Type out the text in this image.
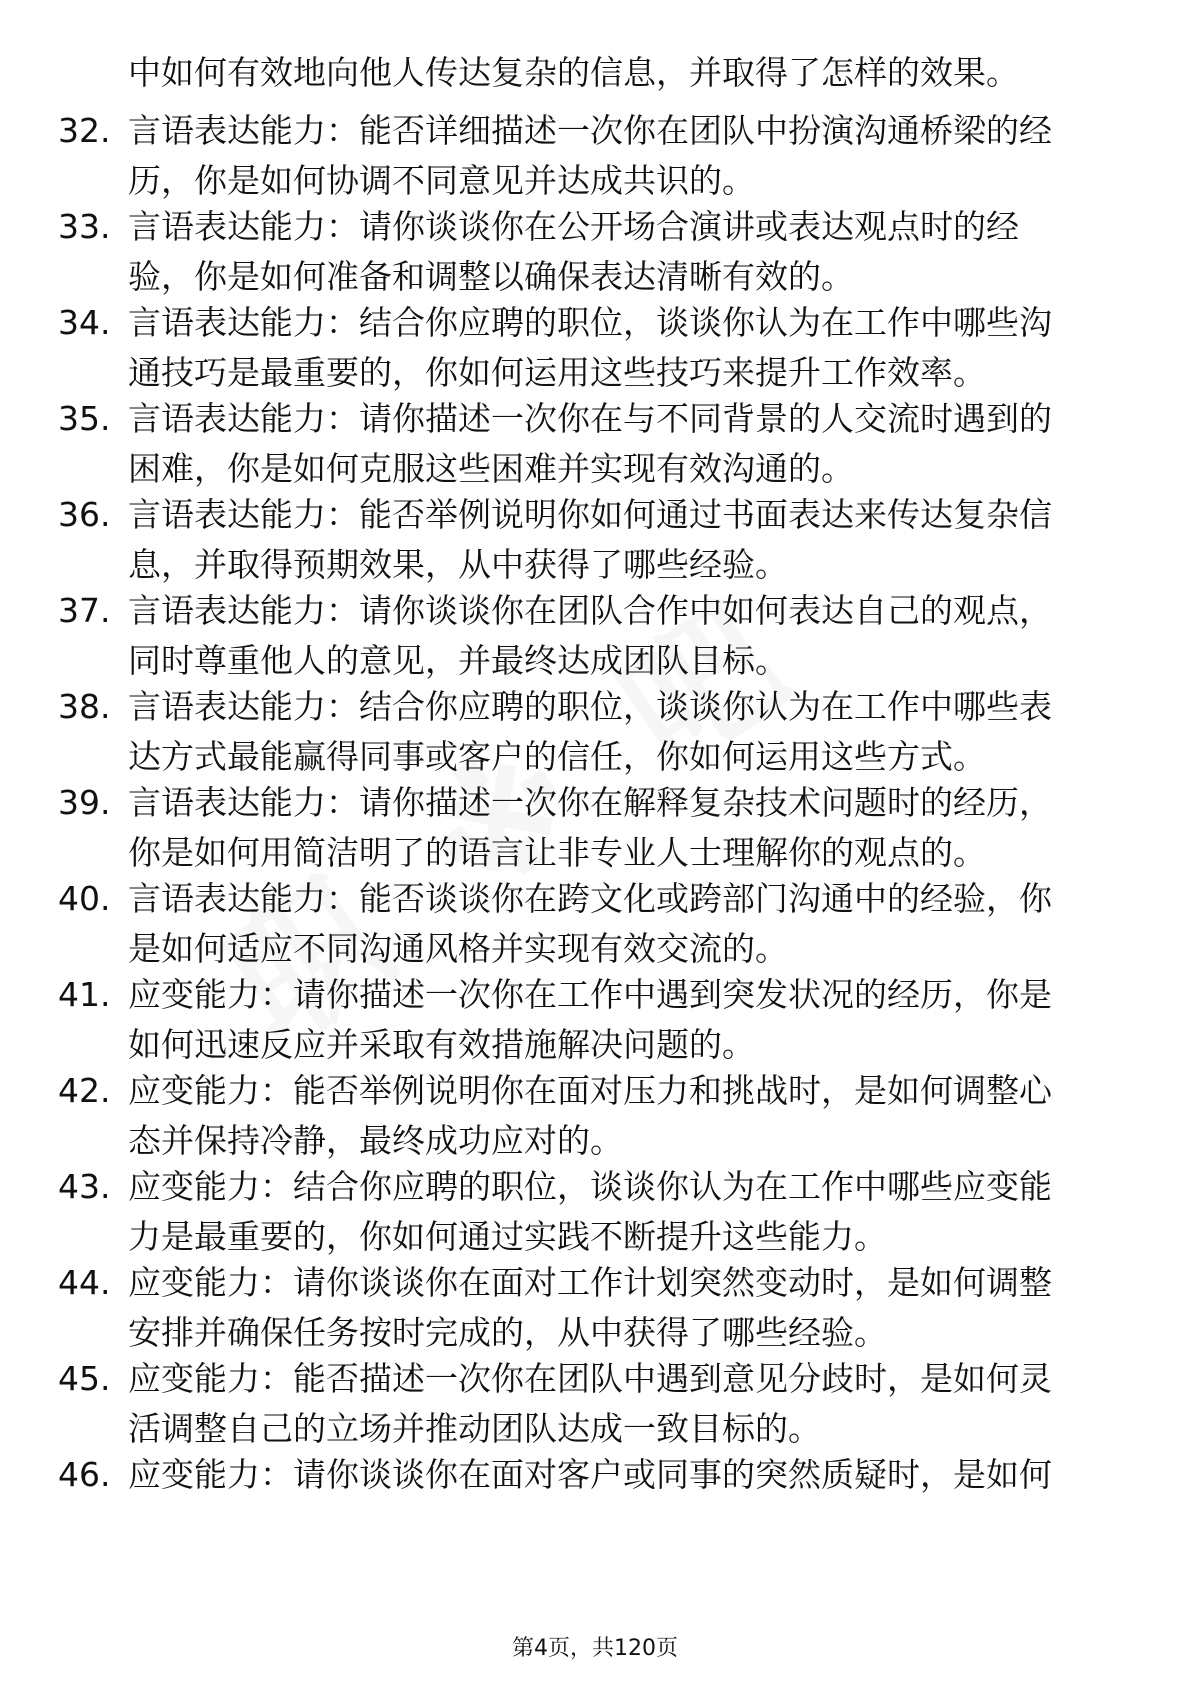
中如何有效地向他人传达复杂的信息，并取得了怎样的效果。
32. 言语表达能力：能否详细描述一次你在团队中扮演沟通桥梁的经
历，你是如何协调不同意见并达成共识的。
33. 言语表达能力：请你谈谈你在公开场合演讲或表达观点时的经
验，你是如何准备和调整以确保表达清晰有效的。
34. 言语表达能力：结合你应聘的职位，谈谈你认为在工作中哪些沟
通技巧是最重要的，你如何运用这些技巧来提升工作效率。
35. 言语表达能力：请你描述一次你在与不同背景的人交流时遇到的
困难，你是如何克服这些困难并实现有效沟通的。
36. 言语表达能力：能否举例说明你如何通过书面表达来传达复杂信
息，并取得预期效果，从中获得了哪些经验。
37. 言语表达能力：请你谈谈你在团队合作中如何表达自己的观点，
同时尊重他人的意见，并最终达成团队目标。
38. 言语表达能力：结合你应聘的职位，谈谈你认为在工作中哪些表
达方式最能赢得同事或客户的信任，你如何运用这些方式。
39. 言语表达能力：请你描述一次你在解释复杂技术问题时的经历，
你是如何用简洁明了的语言让非专业人士理解你的观点的。
40. 言语表达能力：能否谈谈你在跨文化或跨部门沟通中的经验，你
是如何适应不同沟通风格并实现有效交流的。
41. 应变能力：请你描述一次你在工作中遇到突发状况的经历，你是
如何迅速反应并采取有效措施解决问题的。
42. 应变能力：能否举例说明你在面对压力和挑战时，是如何调整心
态并保持冷静，最终成功应对的。
43. 应变能力：结合你应聘的职位，谈谈你认为在工作中哪些应变能
力是最重要的，你如何通过实践不断提升这些能力。
44. 应变能力：请你谈谈你在面对工作计划突然变动时，是如何调整
安排并确保任务按时完成的，从中获得了哪些经验。
45. 应变能力：能否描述一次你在团队中遇到意见分歧时，是如何灵
活调整自己的立场并推动团队达成一致目标的。
46. 应变能力：请你谈谈你在面对客户或同事的突然质疑时，是如何
第4页，共120页
